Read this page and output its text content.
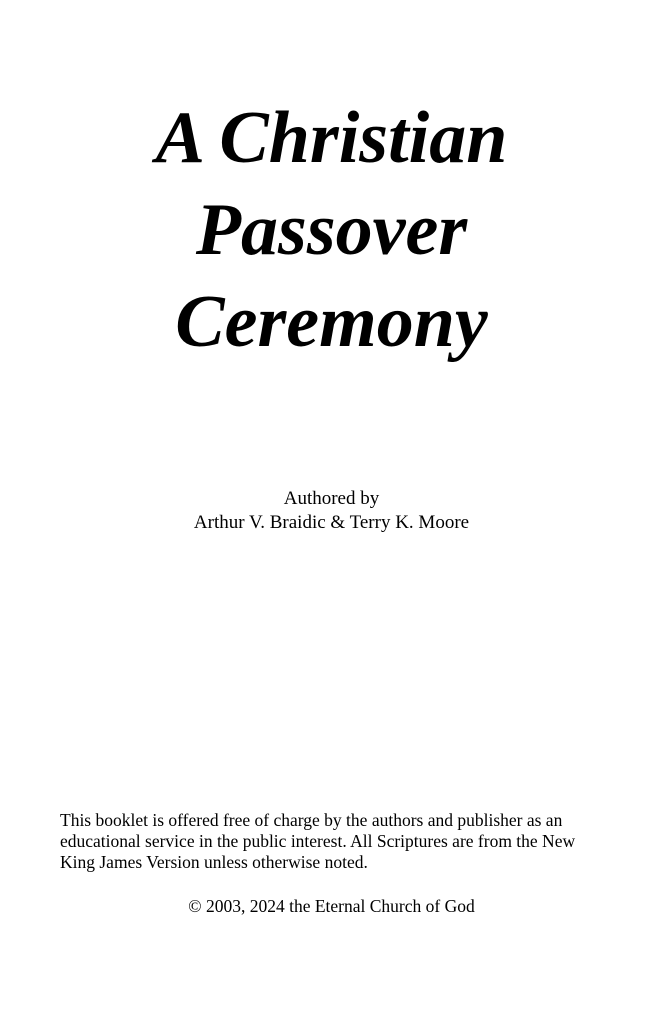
A Christian
Passover
Ceremony
Authored by
Arthur V. Braidic & Terry K. Moore

This booklet is offered free of charge by the authors and publisher as an
educational service in the public interest. All Scriptures are from the New
King James Version unless otherwise noted.

© 2003, 2024 the Eternal Church of God
